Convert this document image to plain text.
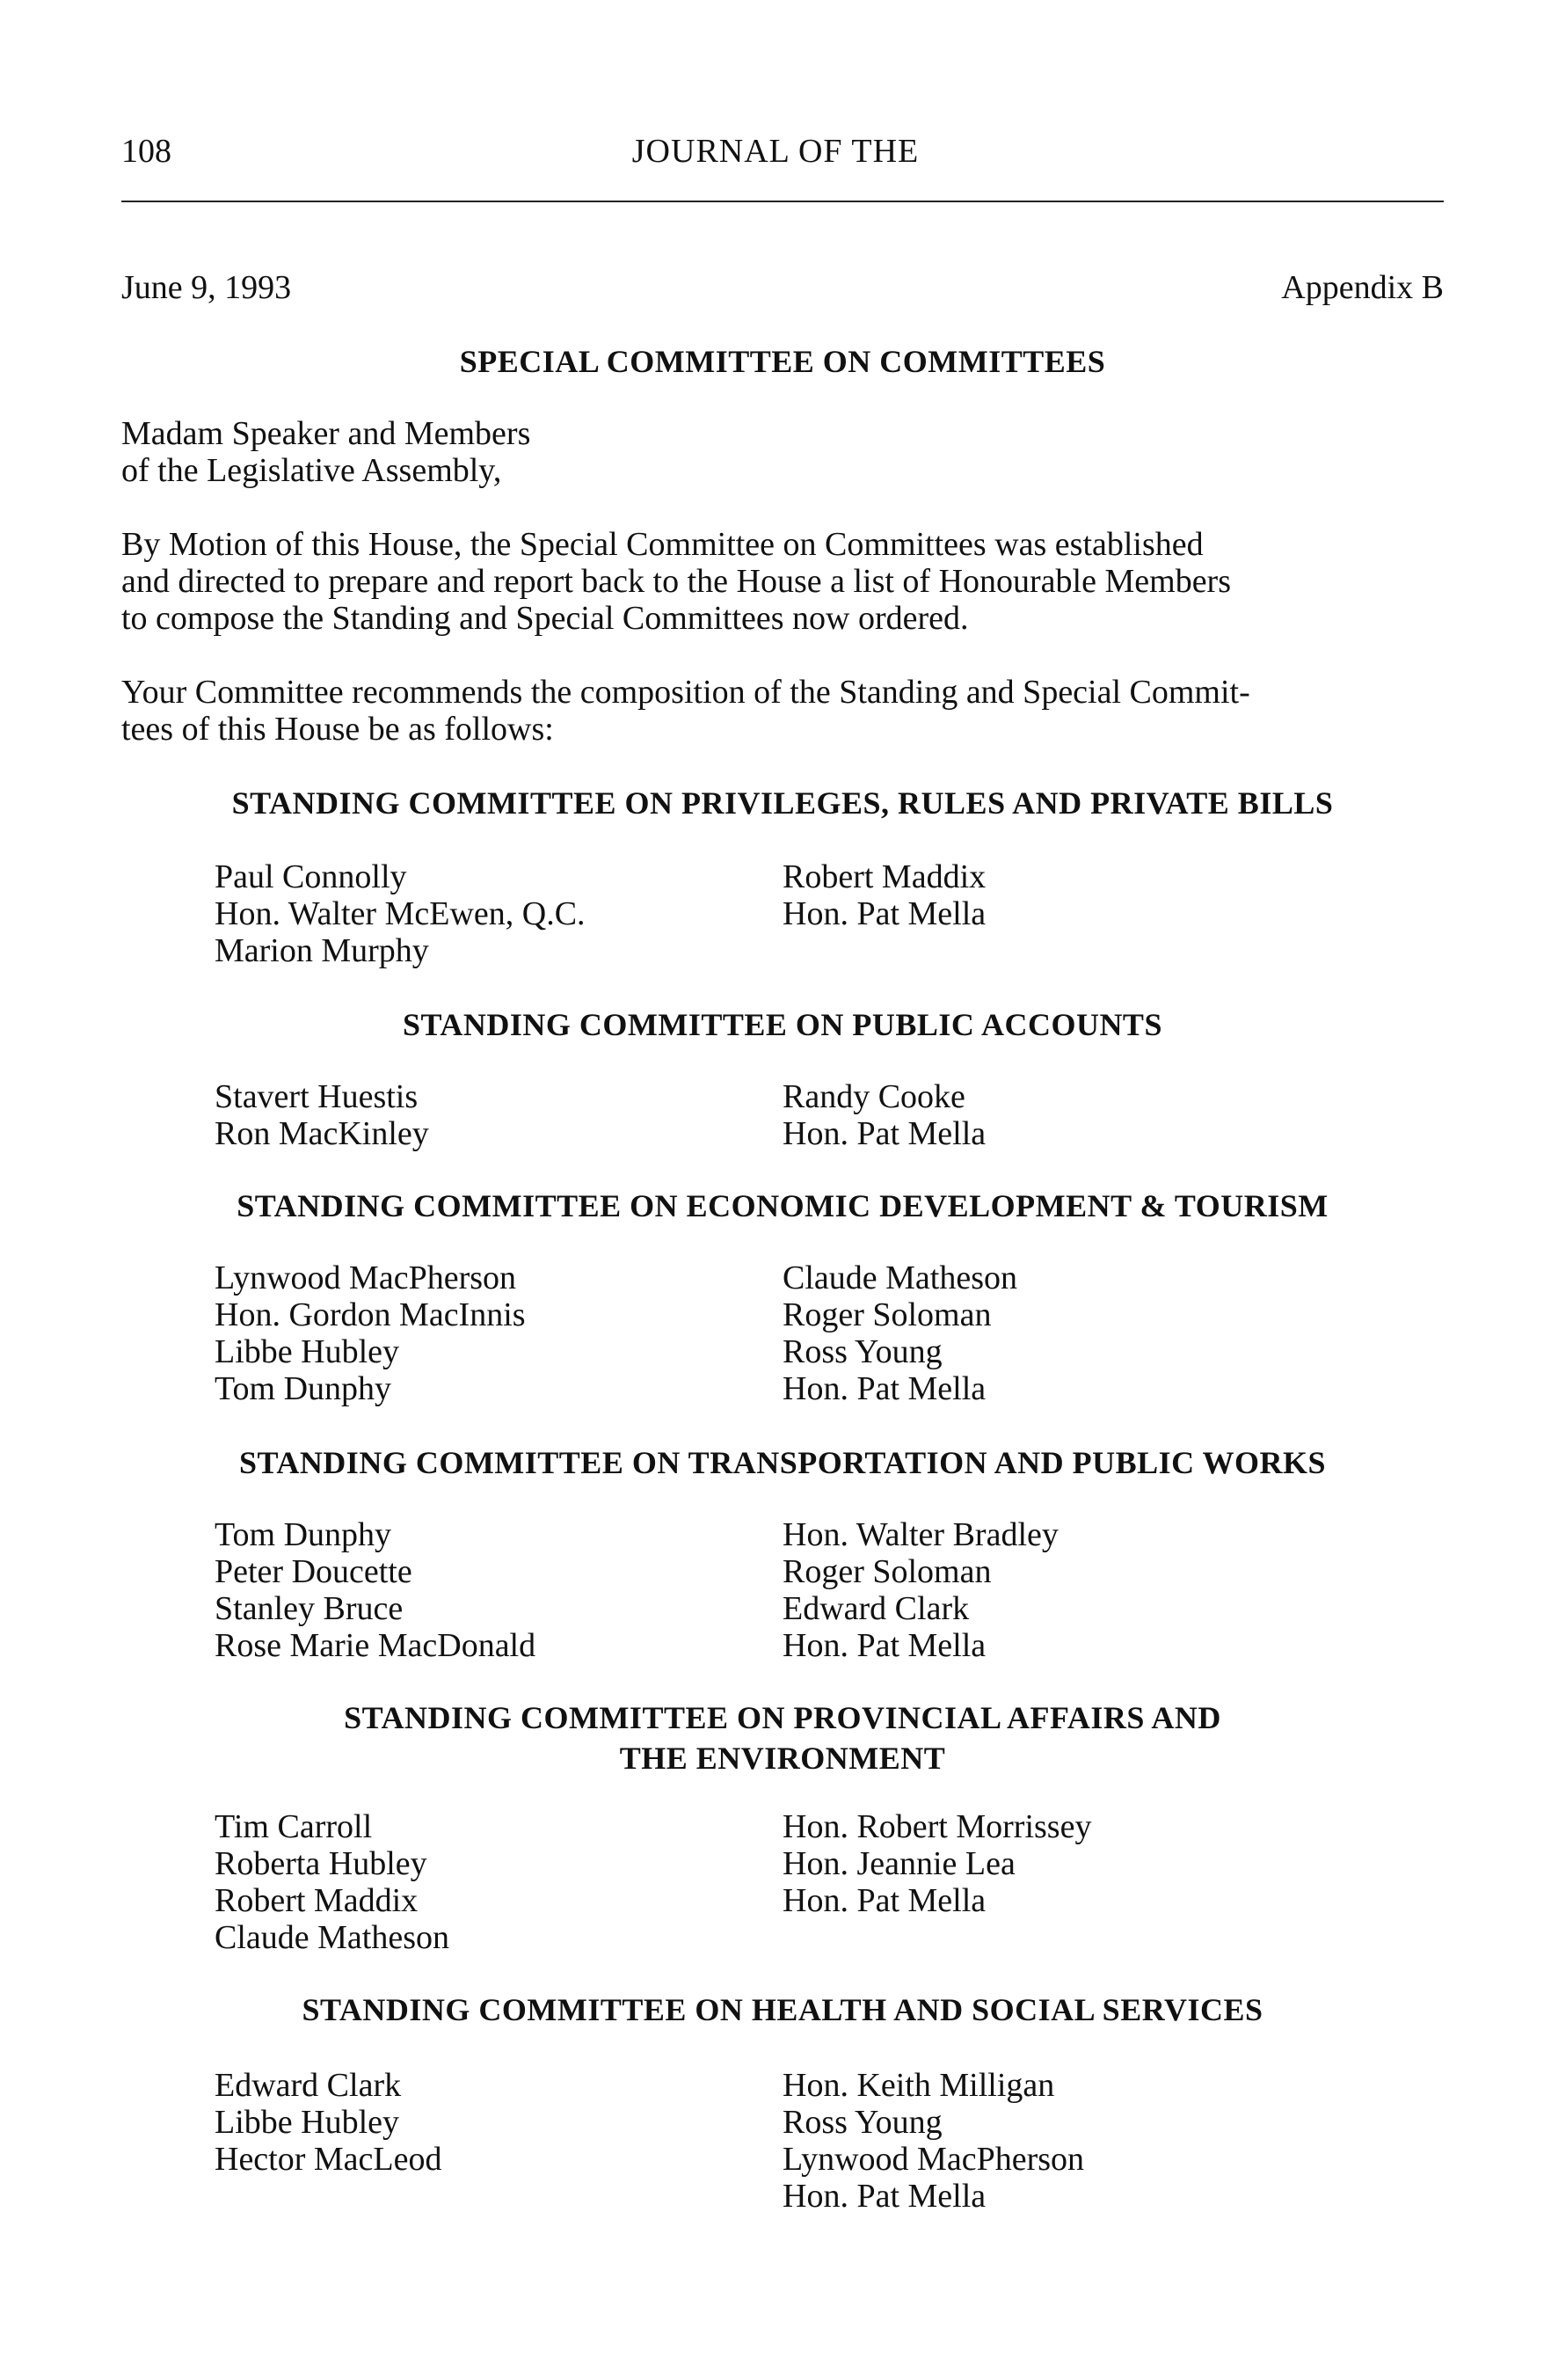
108	JOURNAL OF THE
June 9, 1993	Appendix B
SPECIAL COMMITTEE ON COMMITTEES
Madam Speaker and Members
of the Legislative Assembly,
By Motion of this House, the Special Committee on Committees was established
and directed to prepare and report back to the House a list of Honourable Members
to compose the Standing and Special Committees now ordered.
Your Committee recommends the composition of the Standing and Special Commit-
tees of this House be as follows:
STANDING COMMITTEE ON PRIVILEGES, RULES AND PRIVATE BILLS
Paul Connolly
Hon. Walter McEwen, Q.C.
Marion Murphy
Robert Maddix
Hon. Pat Mella
STANDING COMMITTEE ON PUBLIC ACCOUNTS
Stavert Huestis
Ron MacKinley
Randy Cooke
Hon. Pat Mella
STANDING COMMITTEE ON ECONOMIC DEVELOPMENT & TOURISM
Lynwood MacPherson
Hon. Gordon MacInnis
Libbe Hubley
Tom Dunphy
Claude Matheson
Roger Soloman
Ross Young
Hon. Pat Mella
STANDING COMMITTEE ON TRANSPORTATION AND PUBLIC WORKS
Tom Dunphy
Peter Doucette
Stanley Bruce
Rose Marie MacDonald
Hon. Walter Bradley
Roger Soloman
Edward Clark
Hon. Pat Mella
STANDING COMMITTEE ON PROVINCIAL AFFAIRS AND
THE ENVIRONMENT
Tim Carroll
Roberta Hubley
Robert Maddix
Claude Matheson
Hon. Robert Morrissey
Hon. Jeannie Lea
Hon. Pat Mella
STANDING COMMITTEE ON HEALTH AND SOCIAL SERVICES
Edward Clark
Libbe Hubley
Hector MacLeod
Hon. Keith Milligan
Ross Young
Lynwood MacPherson
Hon. Pat Mella
